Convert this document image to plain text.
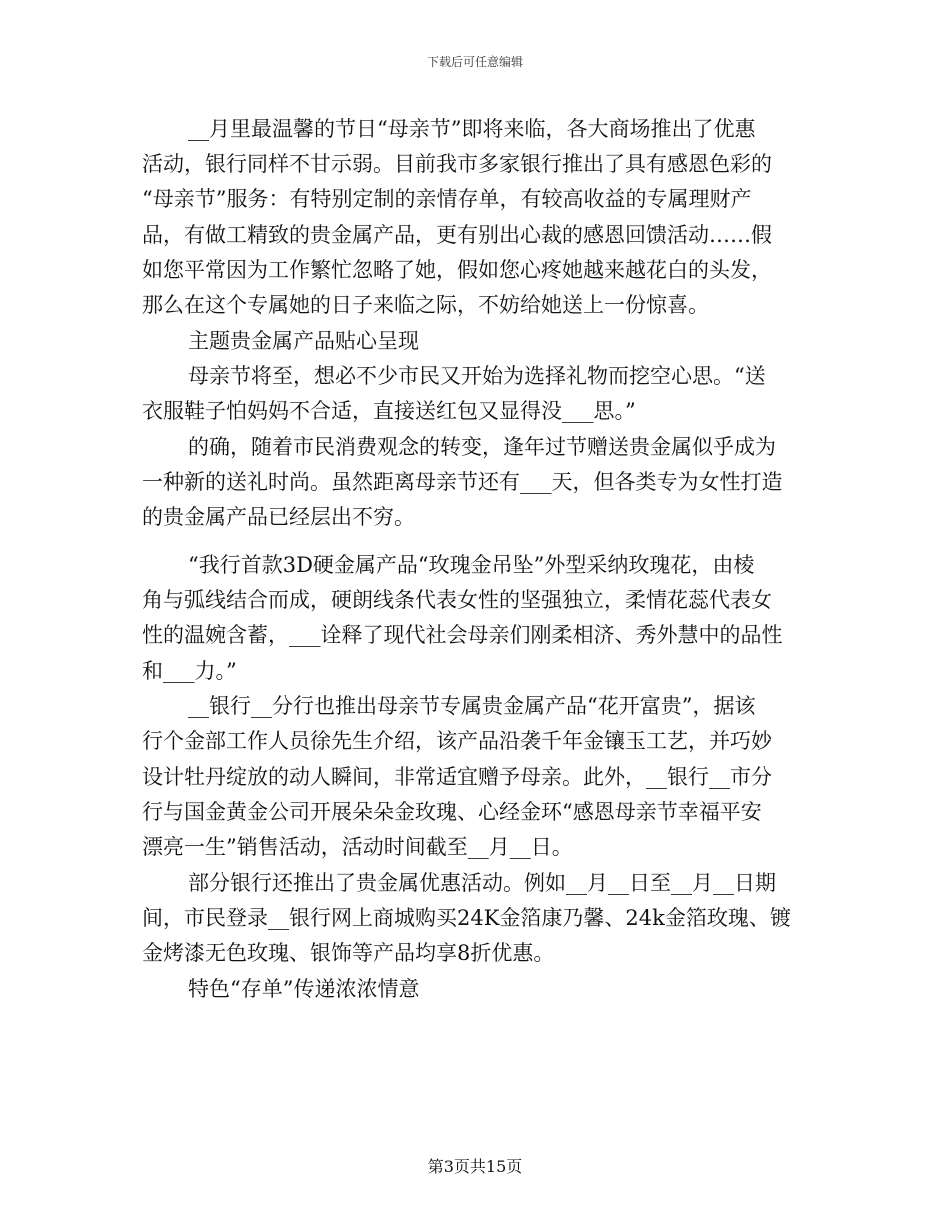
下载后可任意编辑
__月里最温馨的节日“母亲节”即将来临，各大商场推出了优惠
活动，银行同样不甘示弱。目前我市多家银行推出了具有感恩色彩的
“母亲节”服务：有特别定制的亲情存单，有较高收益的专属理财产
品，有做工精致的贵金属产品，更有别出心裁的感恩回馈活动……假
如您平常因为工作繁忙忽略了她，假如您心疼她越来越花白的头发，
那么在这个专属她的日子来临之际，不妨给她送上一份惊喜。
主题贵金属产品贴心呈现
母亲节将至，想必不少市民又开始为选择礼物而挖空心思。“送
衣服鞋子怕妈妈不合适，直接送红包又显得没___思。”
的确，随着市民消费观念的转变，逢年过节赠送贵金属似乎成为
一种新的送礼时尚。虽然距离母亲节还有___天，但各类专为女性打造
的贵金属产品已经层出不穷。
“我行首款3D硬金属产品“玫瑰金吊坠”外型采纳玫瑰花，由棱
角与弧线结合而成，硬朗线条代表女性的坚强独立，柔情花蕊代表女
性的温婉含蓄，___诠释了现代社会母亲们刚柔相济、秀外慧中的品性
和___力。”
__银行__分行也推出母亲节专属贵金属产品“花开富贵”，据该
行个金部工作人员徐先生介绍，该产品沿袭千年金镶玉工艺，并巧妙
设计牡丹绽放的动人瞬间，非常适宜赠予母亲。此外，__银行__市分
行与国金黄金公司开展朵朵金玫瑰、心经金环“感恩母亲节幸福平安
漂亮一生”销售活动，活动时间截至__月__日。
部分银行还推出了贵金属优惠活动。例如__月__日至__月__日期
间，市民登录__银行网上商城购买24K金箔康乃馨、24k金箔玫瑰、镀
金烤漆无色玫瑰、银饰等产品均享8折优惠。
特色“存单”传递浓浓情意
第3页共15页
